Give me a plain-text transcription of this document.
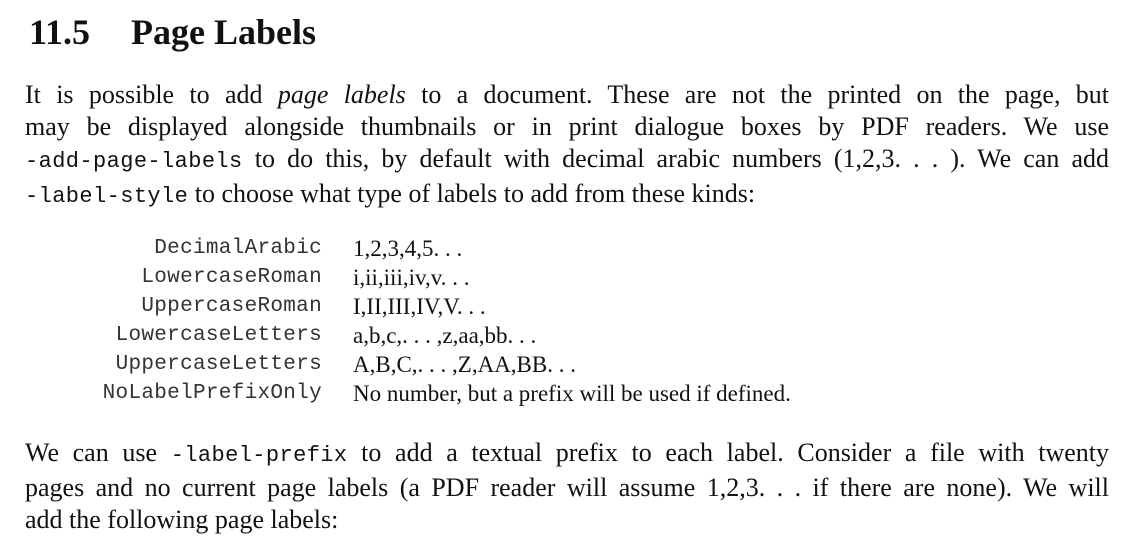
11.5 Page Labels

It is possible to add page labels to a document. These are not the printed on the page, but
may be displayed alongside thumbnails or in print dialogue boxes by PDF readers. We use
-add-page-labels to do this, by default with decimal arabic numbers (1,2,3. . . ). We can add
-label-style to choose what type of labels to add from these kinds:

DecimalArabic		1,2,3,4,5. . .
LowercaseRoman		i,ii,iii,iv,v. . .
UppercaseRoman		I,II,III,IV,V. . .
LowercaseLetters		a,b,c,. . . ,z,aa,bb. . .
UppercaseLetters		A,B,C,. . . ,Z,AA,BB. . .
NoLabelPrefixOnly		No number, but a prefix will be used if defined.

We can use -label-prefix to add a textual prefix to each label. Consider a file with twenty
pages and no current page labels (a PDF reader will assume 1,2,3. . . if there are none). We will
add the following page labels:
